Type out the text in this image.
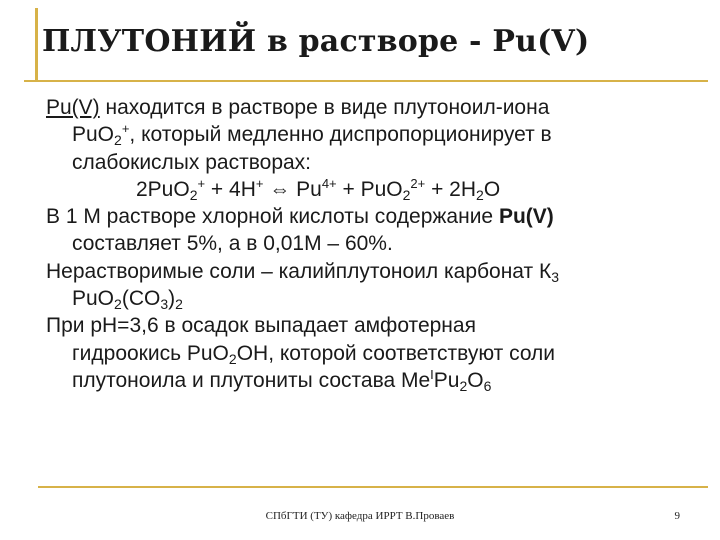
ПЛУТОНИЙ в растворе - Pu(V)
Pu(V) находится в растворе в виде плутоноил-иона
PuO$_2$+, который медленно диспропорционирует в
слабокислых растворах:
2PuO$_2$+ + 4H+ ⇔ $Pu^{4+} + PuO_2^{2+} + 2H_2O$
В 1 М растворе хлорной кислоты содержание Pu(V)
составляет 5%, а в 0,01М – 60%.
Нерастворимые соли – калийплутоноил карбонат $К_3$
$PuO_2(CO_3)_2$
При рН=3,6 в осадок выпадает амфотерная
гидроокись PuO$_2$OH, которой соответствуют соли
плутоноила и плутониты состава $Me^IPu_2O_6$
СПбГТИ (ТУ) кафедра ИРРТ В.Проваев	9
